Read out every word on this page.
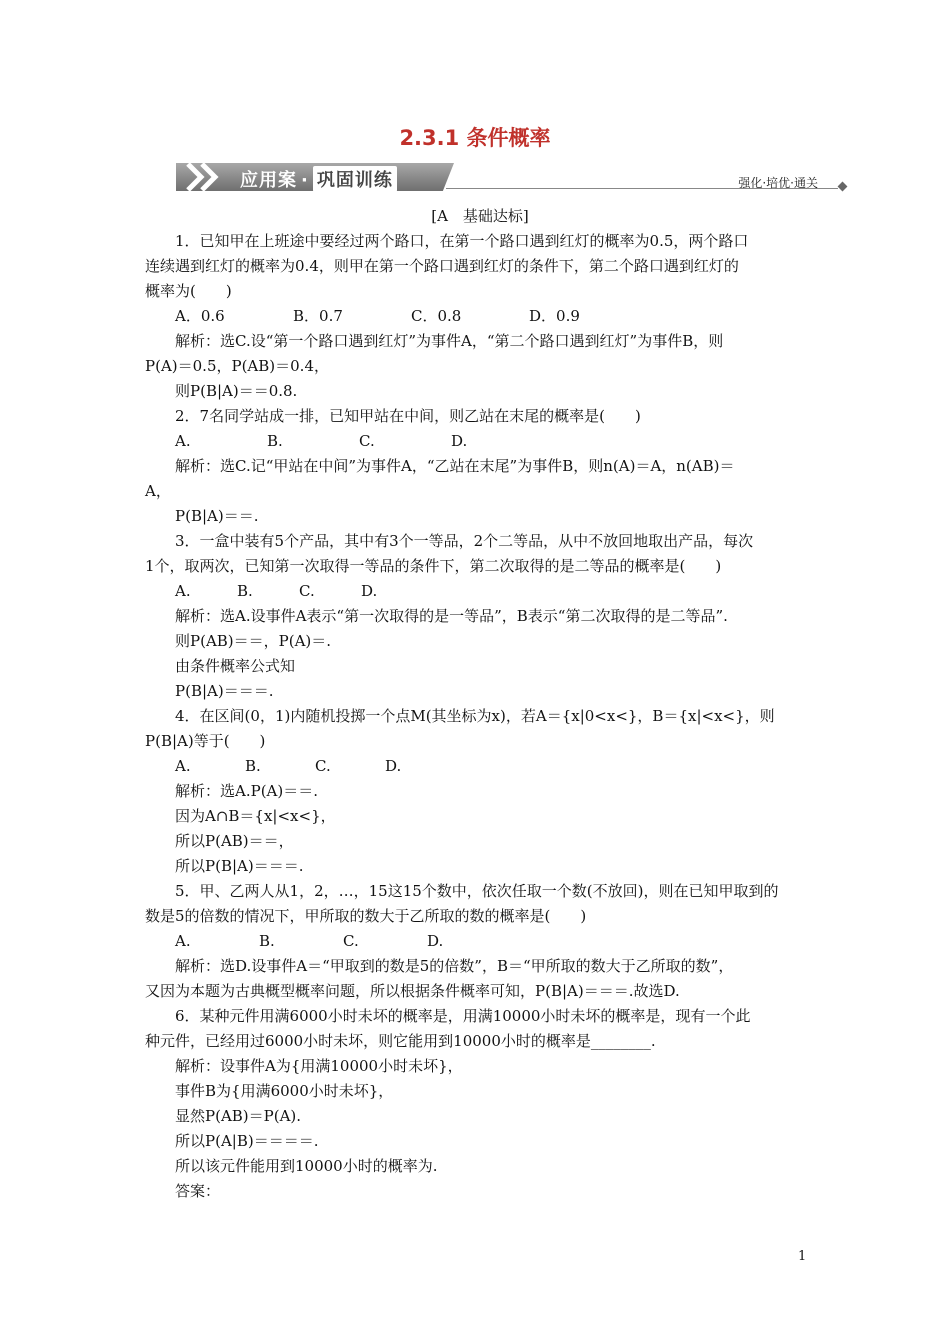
2.3.1 条件概率
应用案 · 巩固训练	强化·培优·通关
[A　基础达标]
1．已知甲在上班途中要经过两个路口，在第一个路口遇到红灯的概率为0.5，两个路口
连续遇到红灯的概率为0.4，则甲在第一个路口遇到红灯的条件下，第二个路口遇到红灯的
概率为(　　)
A．0.6	B．0.7	C．0.8	D．0.9
解析：选C.设“第一个路口遇到红灯”为事件A，“第二个路口遇到红灯”为事件B，则
P(A)＝0.5，P(AB)＝0.4，
则P(B|A)＝＝0.8.
2．7名同学站成一排，已知甲站在中间，则乙站在末尾的概率是(　　)
A.	B.	C.	D.
解析：选C.记“甲站在中间”为事件A，“乙站在末尾”为事件B，则n(A)＝A，n(AB)＝
A，
P(B|A)＝＝.
3．一盒中装有5个产品，其中有3个一等品，2个二等品，从中不放回地取出产品，每次
1个，取两次，已知第一次取得一等品的条件下，第二次取得的是二等品的概率是(　　)
A.	B.	C.	D.
解析：选A.设事件A表示“第一次取得的是一等品”，B表示“第二次取得的是二等品”.
则P(AB)＝＝，P(A)＝.
由条件概率公式知
P(B|A)＝＝＝.
4．在区间(0，1)内随机投掷一个点M(其坐标为x)，若A＝{x|0<x<}，B＝{x|<x<}，则
P(B|A)等于(　　)
A.	B.	C.	D.
解析：选A.P(A)＝＝.
因为A∩B＝{x|<x<}，
所以P(AB)＝＝，
所以P(B|A)＝＝＝.
5．甲、乙两人从1，2，…，15这15个数中，依次任取一个数(不放回)，则在已知甲取到的
数是5的倍数的情况下，甲所取的数大于乙所取的数的概率是(　　)
A.	B.	C.	D.
解析：选D.设事件A＝“甲取到的数是5的倍数”，B＝“甲所取的数大于乙所取的数”，
又因为本题为古典概型概率问题，所以根据条件概率可知，P(B|A)＝＝＝.故选D.
6．某种元件用满6000小时未坏的概率是，用满10000小时未坏的概率是，现有一个此
种元件，已经用过6000小时未坏，则它能用到10000小时的概率是________.
解析：设事件A为{用满10000小时未坏}，
事件B为{用满6000小时未坏}，
显然P(AB)＝P(A).
所以P(A|B)＝＝＝＝.
所以该元件能用到10000小时的概率为.
答案：
1
